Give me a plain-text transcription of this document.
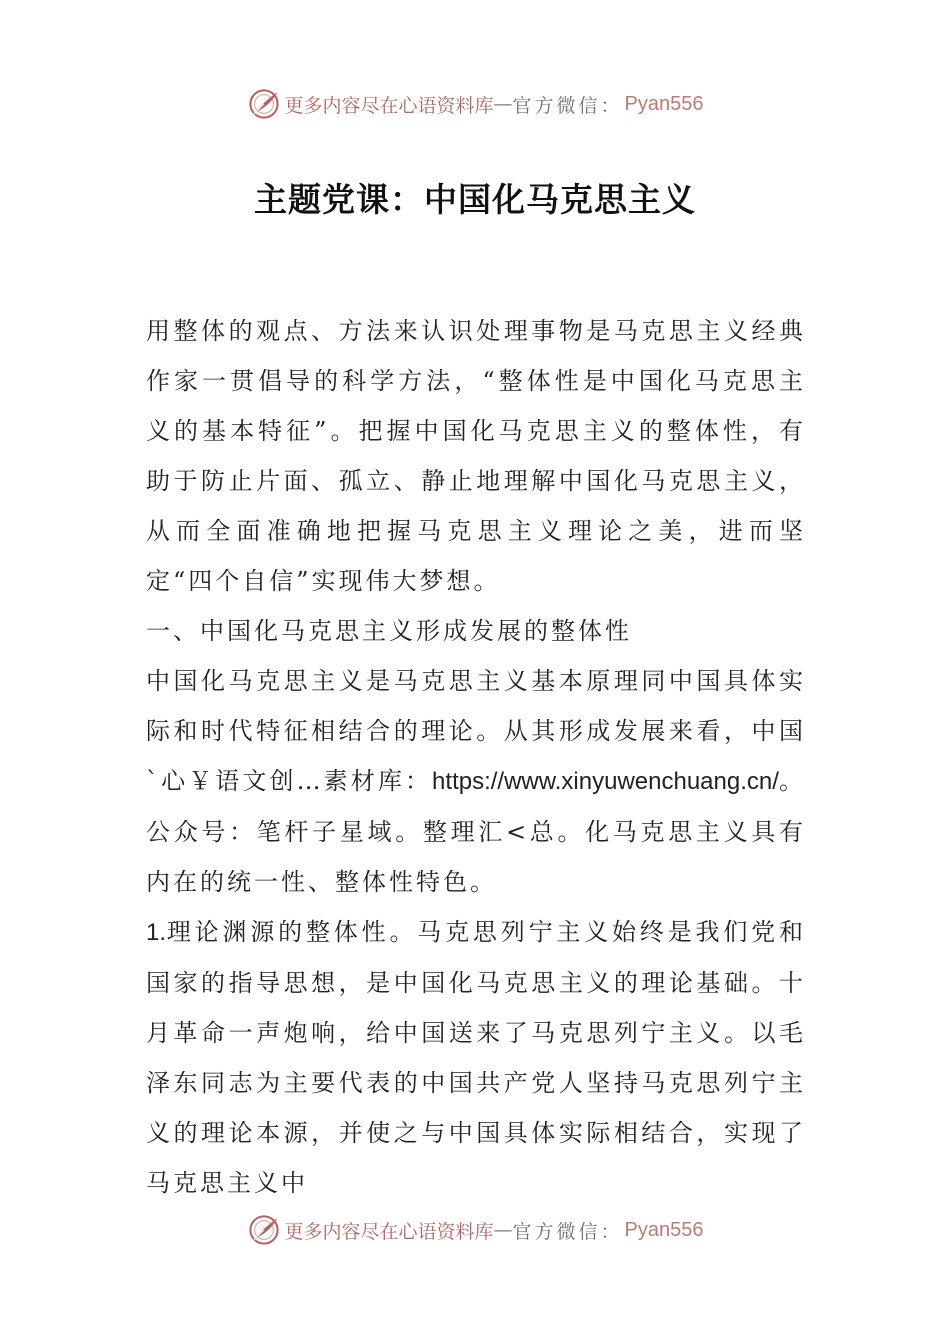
更多内容尽在心语资料库 — 官方微信： Pyan556
主题党课：中国化马克思主义

用整体的观点、方法来认识处理事物是马克思主义经典作家一贯倡导的科学方法，“整体性是中国化马克思主义的基本特征”。把握中国化马克思主义的整体性，有助于防止片面、孤立、静止地理解中国化马克思主义，从而全面准确地把握马克思主义理论之美，进而坚定“四个自信”实现伟大梦想。

一、中国化马克思主义形成发展的整体性

中国化马克思主义是马克思主义基本原理同中国具体实际和时代特征相结合的理论。从其形成发展来看，中国`心￥语文创…素材库：https://www.xinyuwenchuang.cn/。公众号：笔杆子星域。整理汇<总。化马克思主义具有内在的统一性、整体性特色。

1.理论渊源的整体性。马克思列宁主义始终是我们党和国家的指导思想，是中国化马克思主义的理论基础。十月革命一声炮响，给中国送来了马克思列宁主义。以毛泽东同志为主要代表的中国共产党人坚持马克思列宁主义的理论本源，并使之与中国具体实际相结合，实现了马克思主义中

更多内容尽在心语资料库 — 官方微信： Pyan556
